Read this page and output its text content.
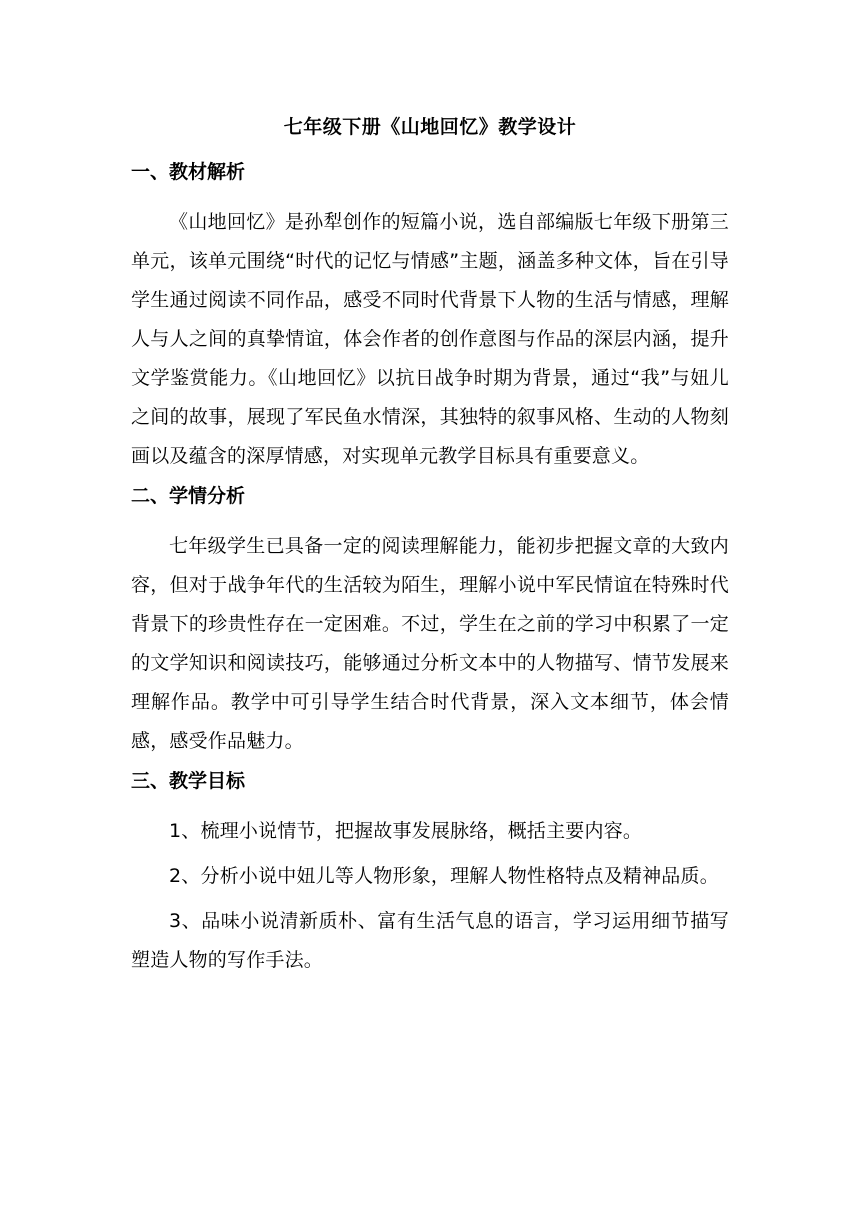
七年级下册《山地回忆》教学设计
一、教材解析
《山地回忆》是孙犁创作的短篇小说，选自部编版七年级下册第三单元，该单元围绕“时代的记忆与情感”主题，涵盖多种文体，旨在引导学生通过阅读不同作品，感受不同时代背景下人物的生活与情感，理解人与人之间的真挚情谊，体会作者的创作意图与作品的深层内涵，提升文学鉴赏能力。《山地回忆》以抗日战争时期为背景，通过“我”与妞儿之间的故事，展现了军民鱼水情深，其独特的叙事风格、生动的人物刻画以及蕴含的深厚情感，对实现单元教学目标具有重要意义。
二、学情分析
七年级学生已具备一定的阅读理解能力，能初步把握文章的大致内容，但对于战争年代的生活较为陌生，理解小说中军民情谊在特殊时代背景下的珍贵性存在一定困难。不过，学生在之前的学习中积累了一定的文学知识和阅读技巧，能够通过分析文本中的人物描写、情节发展来理解作品。教学中可引导学生结合时代背景，深入文本细节，体会情感，感受作品魅力。
三、教学目标
1、梳理小说情节，把握故事发展脉络，概括主要内容。
2、分析小说中妞儿等人物形象，理解人物性格特点及精神品质。
3、品味小说清新质朴、富有生活气息的语言，学习运用细节描写塑造人物的写作手法。
